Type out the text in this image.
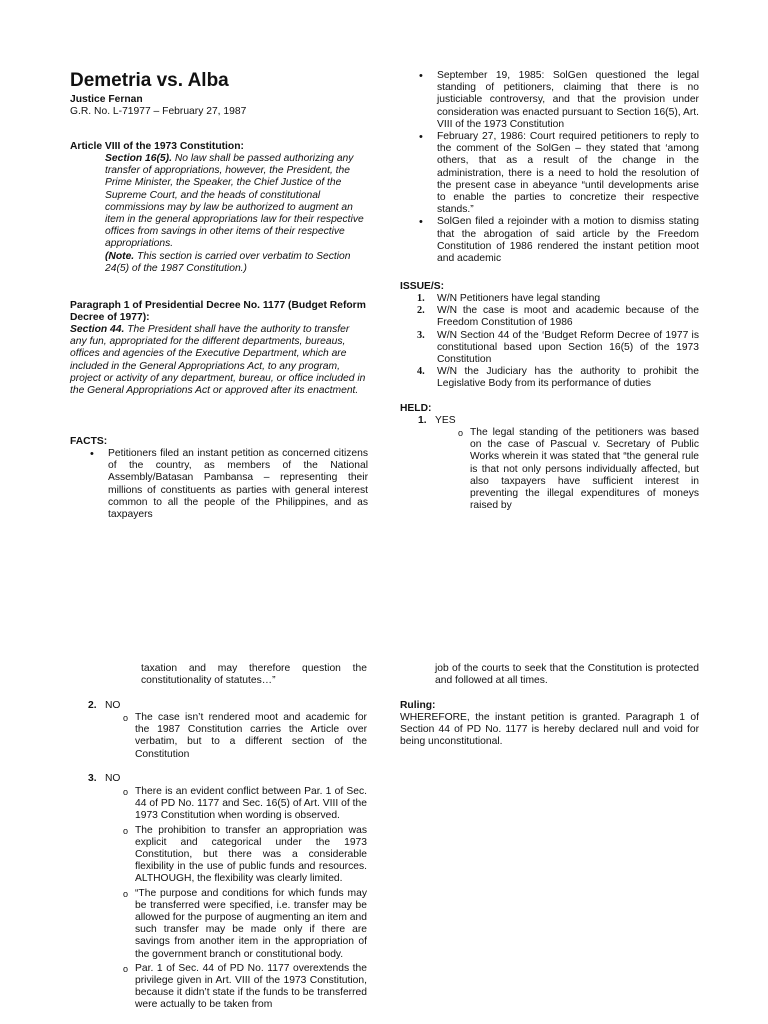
Demetria vs. Alba
Justice Fernan
G.R. No. L-71977 – February 27, 1987
Article VIII of the 1973 Constitution:
Section 16(5). No law shall be passed authorizing any transfer of appropriations, however, the President, the Prime Minister, the Speaker, the Chief Justice of the Supreme Court, and the heads of constitutional commissions may by law be authorized to augment an item in the general appropriations law for their respective offices from savings in other items of their respective appropriations.
(Note. This section is carried over verbatim to Section 24(5) of the 1987 Constitution.)
Paragraph 1 of Presidential Decree No. 1177 (Budget Reform Decree of 1977):
Section 44. The President shall have the authority to transfer any fun, appropriated for the different departments, bureaus, offices and agencies of the Executive Department, which are included in the General Appropriations Act, to any program, project or activity of any department, bureau, or office included in the General Appropriations Act or approved after its enactment.
FACTS:
• Petitioners filed an instant petition as concerned citizens of the country, as members of the National Assembly/Batasan Pambansa – representing their millions of constituents as parties with general interest common to all the people of the Philippines, and as taxpayers
• September 19, 1985: SolGen questioned the legal standing of petitioners, claiming that there is no justiciable controversy, and that the provision under consideration was enacted pursuant to Section 16(5), Art. VIII of the 1973 Constitution
• February 27, 1986: Court required petitioners to reply to the comment of the SolGen – they stated that ‘among others, that as a result of the change in the administration, there is a need to hold the resolution of the present case in abeyance “until developments arise to enable the parties to concretize their respective stands.”
• SolGen filed a rejoinder with a motion to dismiss stating that the abrogation of said article by the Freedom Constitution of 1986 rendered the instant petition moot and academic
ISSUE/S:
1. W/N Petitioners have legal standing
2. W/N the case is moot and academic because of the Freedom Constitution of 1986
3. W/N Section 44 of the ‘Budget Reform Decree of 1977 is constitutional based upon Section 16(5) of the 1973 Constitution
4. W/N the Judiciary has the authority to prohibit the Legislative Body from its performance of duties
HELD:
1. YES
o The legal standing of the petitioners was based on the case of Pascual v. Secretary of Public Works wherein it was stated that “the general rule is that not only persons individually affected, but also taxpayers have sufficient interest in preventing the illegal expenditures of moneys raised by
taxation and may therefore question the constitutionality of statutes…”
2. NO
o The case isn’t rendered moot and academic for the 1987 Constitution carries the Article over verbatim, but to a different section of the Constitution
3. NO
o There is an evident conflict between Par. 1 of Sec. 44 of PD No. 1177 and Sec. 16(5) of Art. VIII of the 1973 Constitution when wording is observed.
o The prohibition to transfer an appropriation was explicit and categorical under the 1973 Constitution, but there was a considerable flexibility in the use of public funds and resources. ALTHOUGH, the flexibility was clearly limited.
o “The purpose and conditions for which funds may be transferred were specified, i.e. transfer may be allowed for the purpose of augmenting an item and such transfer may be made only if there are savings from another item in the appropriation of the government branch or constitutional body.
o Par. 1 of Sec. 44 of PD No. 1177 overextends the privilege given in Art. VIII of the 1973 Constitution, because it didn’t state if the funds to be transferred were actually to be taken from
job of the courts to seek that the Constitution is protected and followed at all times.
Ruling:
WHEREFORE, the instant petition is granted. Paragraph 1 of Section 44 of PD No. 1177 is hereby declared null and void for being unconstitutional.
